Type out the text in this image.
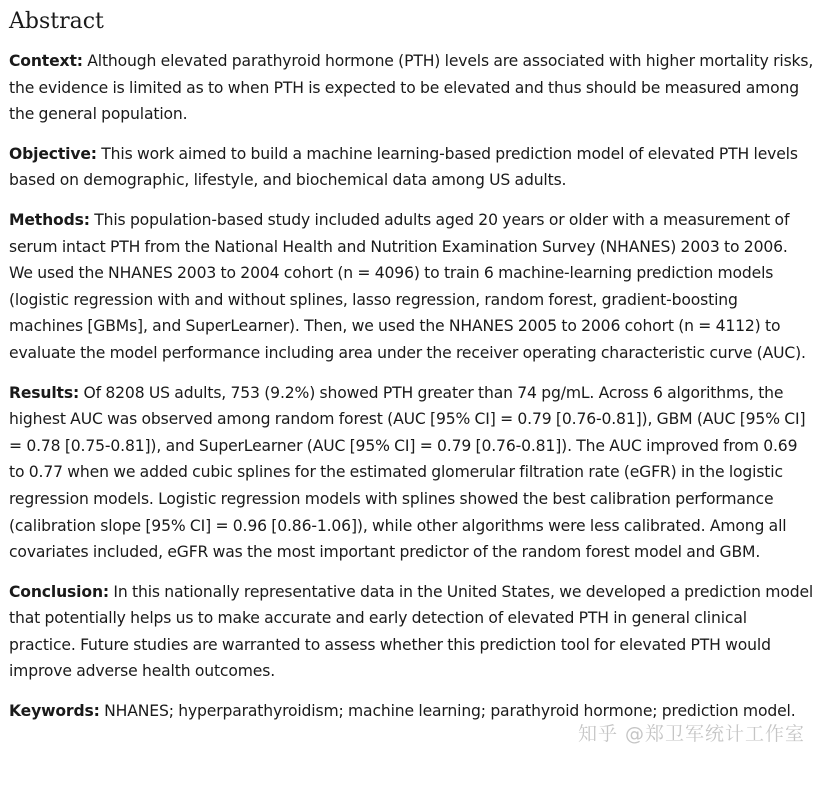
Abstract

Context: Although elevated parathyroid hormone (PTH) levels are associated with higher mortality risks, the evidence is limited as to when PTH is expected to be elevated and thus should be measured among the general population.

Objective: This work aimed to build a machine learning-based prediction model of elevated PTH levels based on demographic, lifestyle, and biochemical data among US adults.

Methods: This population-based study included adults aged 20 years or older with a measurement of serum intact PTH from the National Health and Nutrition Examination Survey (NHANES) 2003 to 2006. We used the NHANES 2003 to 2004 cohort (n = 4096) to train 6 machine-learning prediction models (logistic regression with and without splines, lasso regression, random forest, gradient-boosting machines [GBMs], and SuperLearner). Then, we used the NHANES 2005 to 2006 cohort (n = 4112) to evaluate the model performance including area under the receiver operating characteristic curve (AUC).

Results: Of 8208 US adults, 753 (9.2%) showed PTH greater than 74 pg/mL. Across 6 algorithms, the highest AUC was observed among random forest (AUC [95% CI] = 0.79 [0.76-0.81]), GBM (AUC [95% CI] = 0.78 [0.75-0.81]), and SuperLearner (AUC [95% CI] = 0.79 [0.76-0.81]). The AUC improved from 0.69 to 0.77 when we added cubic splines for the estimated glomerular filtration rate (eGFR) in the logistic regression models. Logistic regression models with splines showed the best calibration performance (calibration slope [95% CI] = 0.96 [0.86-1.06]), while other algorithms were less calibrated. Among all covariates included, eGFR was the most important predictor of the random forest model and GBM.

Conclusion: In this nationally representative data in the United States, we developed a prediction model that potentially helps us to make accurate and early detection of elevated PTH in general clinical practice. Future studies are warranted to assess whether this prediction tool for elevated PTH would improve adverse health outcomes.

Keywords: NHANES; hyperparathyroidism; machine learning; parathyroid hormone; prediction model.

知乎 @郑卫军统计工作室
